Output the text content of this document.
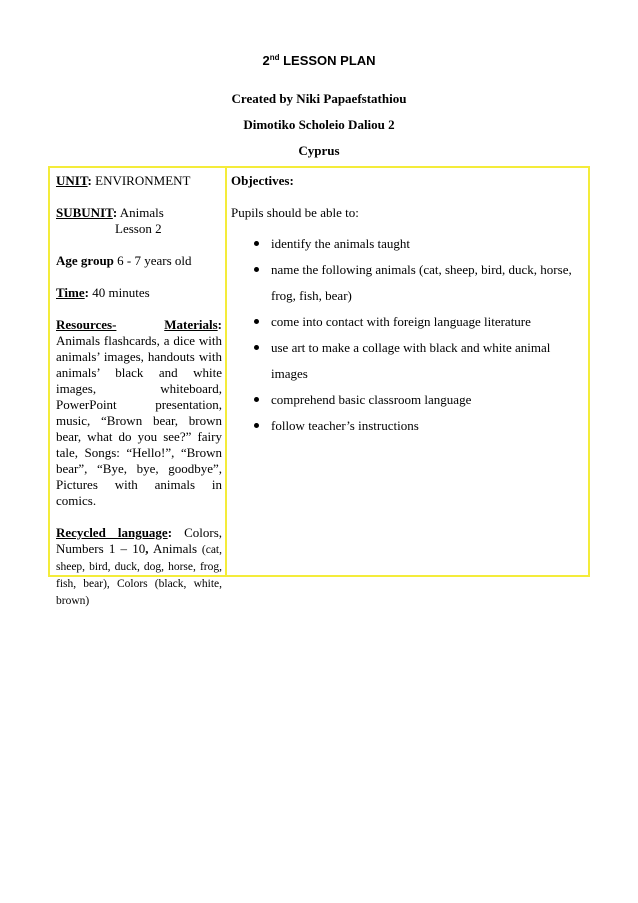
2nd LESSON PLAN
Created by Niki Papaefstathiou
Dimotiko Scholeio Daliou 2
Cyprus
UNIT: ENVIRONMENT
SUBUNIT: Animals
Lesson 2
Age group 6 - 7 years old
Time: 40 minutes
Resources-	Materials:
Animals flashcards, a dice with animals’ images, handouts with animals’ black and white images, whiteboard, PowerPoint presentation, music, “Brown bear, brown bear, what do you see?” fairy tale, Songs: “Hello!”, “Brown bear”, “Bye, bye, goodbye”, Pictures with animals in comics.
Recycled language: Colors, Numbers 1 – 10, Animals (cat, sheep, bird, duck, dog, horse, frog, fish, bear), Colors (black, white, brown)
Objectives:
Pupils should be able to:
identify the animals taught
name the following animals (cat, sheep, bird, duck, horse, frog, fish, bear)
come into contact with foreign language literature
use art to make a collage with black and white animal images
comprehend basic classroom language
follow teacher’s instructions
